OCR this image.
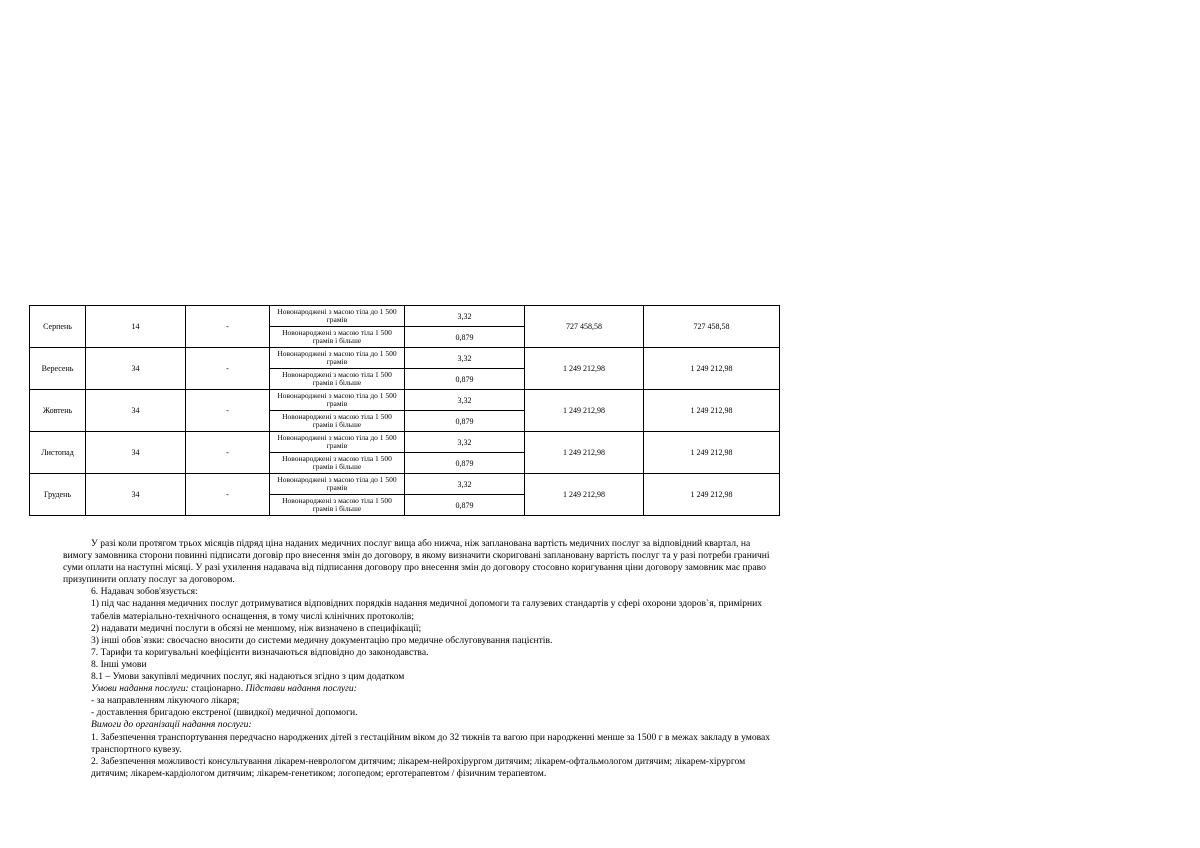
Серпень	14	-	Новонароджені з масою тіла до 1 500 грамів	3,32	727 458,58	727 458,58
			Новонароджені з масою тіла 1 500 грамів і більше	0,879		
Вересень	34	-	Новонароджені з масою тіла до 1 500 грамів	3,32	1 249 212,98	1 249 212,98
			Новонароджені з масою тіла 1 500 грамів і більше	0,879		
Жовтень	34	-	Новонароджені з масою тіла до 1 500 грамів	3,32	1 249 212,98	1 249 212,98
			Новонароджені з масою тіла 1 500 грамів і більше	0,879		
Листопад	34	-	Новонароджені з масою тіла до 1 500 грамів	3,32	1 249 212,98	1 249 212,98
			Новонароджені з масою тіла 1 500 грамів і більше	0,879		
Грудень	34	-	Новонароджені з масою тіла до 1 500 грамів	3,32	1 249 212,98	1 249 212,98
			Новонароджені з масою тіла 1 500 грамів і більше	0,879		

У разі коли протягом трьох місяців підряд ціна наданих медичних послуг вища або нижча, ніж запланована вартість медичних послуг за відповідний квартал, на вимогу замовника сторони повинні підписати договір про внесення змін до договору, в якому визначити скориговані заплановану вартість послуг та у разі потреби граничні суми оплати на наступні місяці. У разі ухилення надавача від підписання договору про внесення змін до договору стосовно коригування ціни договору замовник має право призупинити оплату послуг за договором.

6. Надавач зобов'язується:

1) під час надання медичних послуг дотримуватися відповідних порядків надання медичної допомоги та галузевих стандартів у сфері охорони здоров`я, примірних табелів матеріально-технічного оснащення, в тому числі клінічних протоколів;

2) надавати медичні послуги в обсязі не меншому, ніж визначено в специфікації;

3) інші обов`язки: своєчасно вносити до системи медичну документацію про медичне обслуговування пацієнтів.

7. Тарифи та коригувальні коефіцієнти визначаються відповідно до законодавства.

8. Інші умови

8.1 – Умови закупівлі медичних послуг, які надаються згідно з цим додатком

Умови надання послуги: стаціонарно. Підстави надання послуги:

- за направленням лікуючого лікаря;

- доставлення бригадою екстреної (швидкої) медичної допомоги.

Вимоги до організації надання послуги:

1. Забезпечення транспортування передчасно народжених дітей з гестаційним віком до 32 тижнів та вагою при народженні менше за 1500 г в межах закладу в умовах транспортного кувезу.

2. Забезпечення можливості консультування лікарем-неврологом дитячим; лікарем-нейрохірургом дитячим; лікарем-офтальмологом дитячим; лікарем-хірургом дитячим; лікарем-кардіологом дитячим; лікарем-генетиком; логопедом; ерготерапевтом / фізичним терапевтом.
